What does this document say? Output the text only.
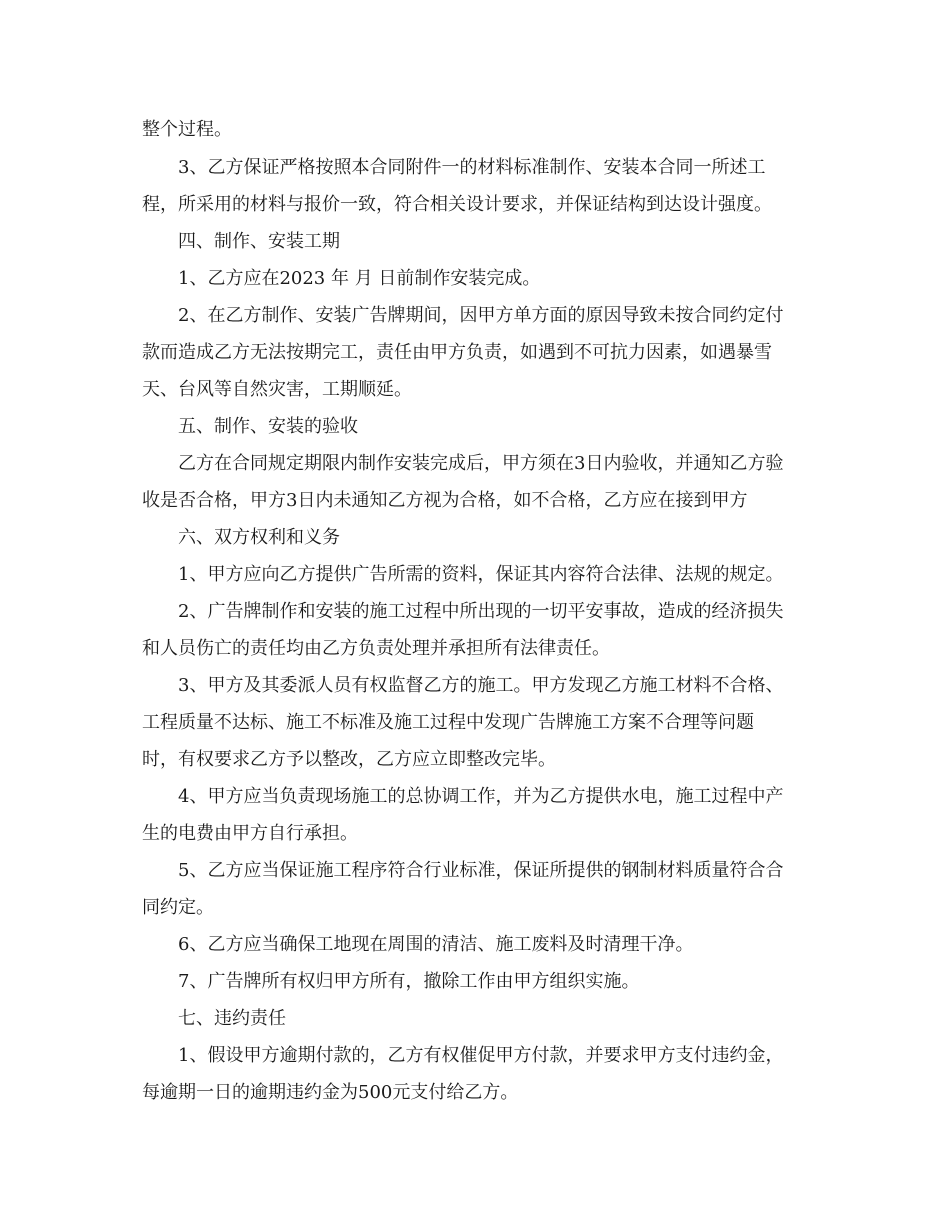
整个过程。
3、乙方保证严格按照本合同附件一的材料标准制作、安装本合同一所述工
程，所采用的材料与报价一致，符合相关设计要求，并保证结构到达设计强度。
四、制作、安装工期
1、乙方应在2023 年 月 日前制作安装完成。
2、在乙方制作、安装广告牌期间，因甲方单方面的原因导致未按合同约定付
款而造成乙方无法按期完工，责任由甲方负责，如遇到不可抗力因素，如遇暴雪
天、台风等自然灾害，工期顺延。
五、制作、安装的验收
乙方在合同规定期限内制作安装完成后，甲方须在3日内验收，并通知乙方验
收是否合格，甲方3日内未通知乙方视为合格，如不合格，乙方应在接到甲方
六、双方权利和义务
1、甲方应向乙方提供广告所需的资料，保证其内容符合法律、法规的规定。
2、广告牌制作和安装的施工过程中所出现的一切平安事故，造成的经济损失
和人员伤亡的责任均由乙方负责处理并承担所有法律责任。
3、甲方及其委派人员有权监督乙方的施工。甲方发现乙方施工材料不合格、
工程质量不达标、施工不标准及施工过程中发现广告牌施工方案不合理等问题
时，有权要求乙方予以整改，乙方应立即整改完毕。
4、甲方应当负责现场施工的总协调工作，并为乙方提供水电，施工过程中产
生的电费由甲方自行承担。
5、乙方应当保证施工程序符合行业标准，保证所提供的钢制材料质量符合合
同约定。
6、乙方应当确保工地现在周围的清洁、施工废料及时清理干净。
7、广告牌所有权归甲方所有，撤除工作由甲方组织实施。
七、违约责任
1、假设甲方逾期付款的，乙方有权催促甲方付款，并要求甲方支付违约金，
每逾期一日的逾期违约金为500元支付给乙方。
